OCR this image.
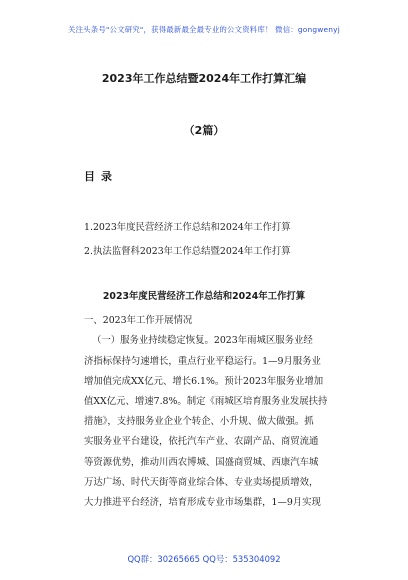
关注头条号"公文研究"，获得最新最全最专业的公文资料库！ 微信：gongwenyj
2023年工作总结暨2024年工作打算汇编
（2篇）
目录
1.2023年度民营经济工作总结和2024年工作打算
2.执法监督科2023年工作总结暨2024年工作打算
2023年度民营经济工作总结和2024年工作打算
一、2023年工作开展情况
（一）服务业持续稳定恢复。2023年雨城区服务业经
济指标保持匀速增长，重点行业平稳运行。1—9月服务业
增加值完成XX亿元、增长6.1%。预计2023年服务业增加
值XX亿元、增速7.8%。制定《雨城区培育服务业发展扶持
措施》，支持服务业企业个转企、小升规、做大做强。抓
实服务业平台建设，依托汽车产业、农副产品、商贸流通
等资源优势，推动川西农博城、国盛商贸城、西康汽车城
万达广场、时代天街等商业综合体、专业卖场提质增效，
大力推进平台经济，培育形成专业市场集群，1—9月实现
QQ群：30265665 QQ号：535304092
